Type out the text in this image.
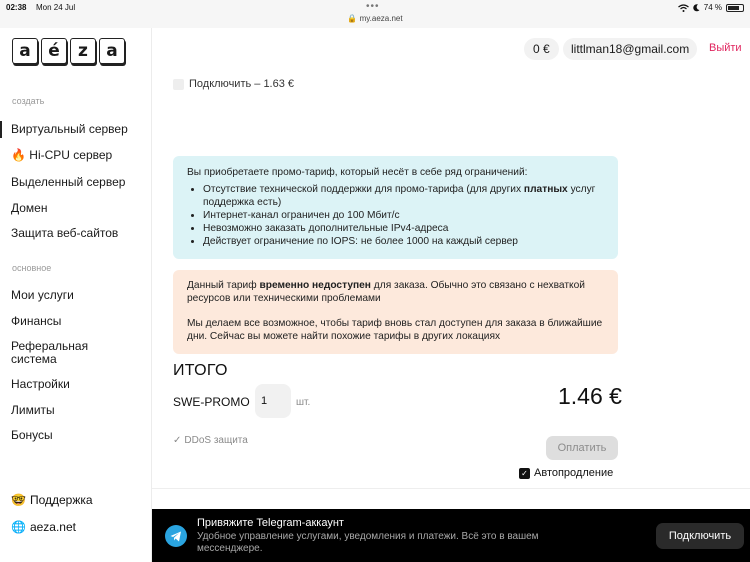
02:38 Mon 24 Jul	•••
🔒 my.aeza.net
74 %
a	é	z	a
создать
Виртуальный сервер
🔥 Hi-CPU сервер
Выделенный сервер
Домен
Защита веб-сайтов
основное
Мои услуги
Финансы
Реферальная система
Настройки
Лимиты
Бонусы
🤓 Поддержка
🌐 aeza.net
0 €	littlman18@gmail.com	Выйти
Подключить – 1.63 €

Вы приобретаете промо-тариф, который несёт в себе ряд ограничений:

• Отсутствие технической поддержки для промо-тарифа (для других платных услуг поддержка есть)
• Интернет-канал ограничен до 100 Мбит/с
• Невозможно заказать дополнительные IPv4-адреса
• Действует ограничение по IOPS: не более 1000 на каждый сервер

Данный тариф временно недоступен для заказа. Обычно это связано с нехваткой ресурсов или техническими проблемами

Мы делаем все возможное, чтобы тариф вновь стал доступен для заказа в ближайшие дни. Сейчас вы можете найти похожие тарифы в других локациях

ИТОГО
SWE-PROMO
1	шт.	1.46 €
✓ DDoS защита
Оплатить
✓ Автопродление
Привяжите Telegram-аккаунт
Удобное управление услугами, уведомления и платежи. Всё это в вашем мессенджере.
Подключить
